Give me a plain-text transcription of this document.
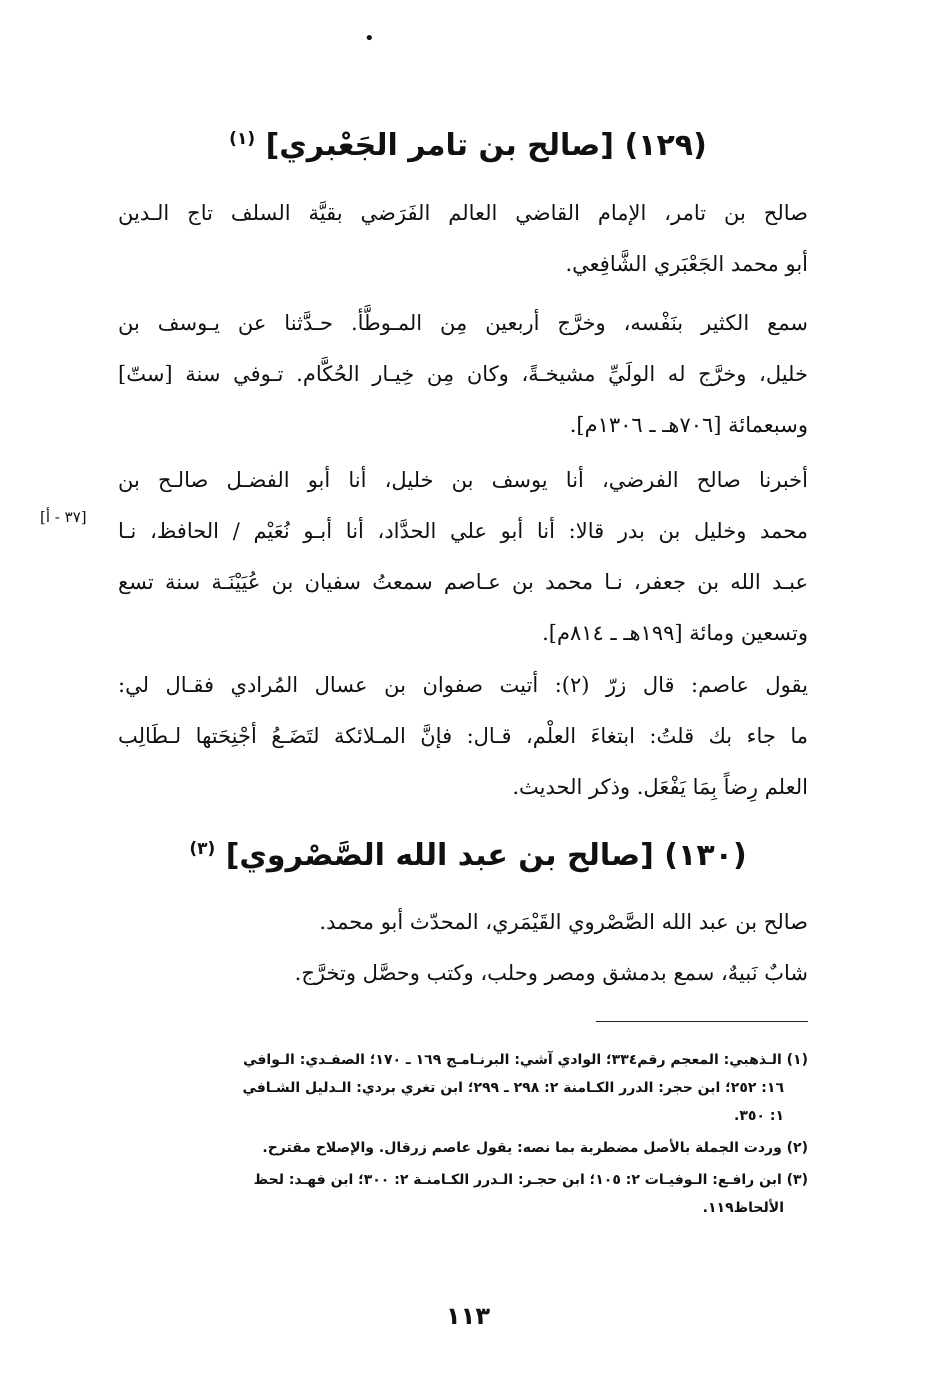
•
(١٢٩) [صالح بن تامر الجَعْبري] $^{(١)}$
صالح بن تامر، الإمام القاضي العالم الفَرَضي بقيَّة السلف تاج الـدين
أبو محمد الجَعْبَري الشَّافِعي.
سمع الكثير بنَفْسه، وخرَّج أربعين مِن المـوطَّأ. حـدَّثنا عن يـوسف بن
خليل، وخرَّج له الولَيِّ مشيخـةً، وكان مِن خِيـار الحُكَّام. تـوفي سنة [ستّ]
وسبعمائة [٧٠٦هـ ـ ١٣٠٦م].
أخبرنا صالح الفرضي، أنا يوسف بن خليل، أنا أبو الفضـل صالـح بن
محمد وخليل بن بدر قالا: أنا أبو علي الحدَّاد، أنا أبـو نُعَيْم / الحافظ، نـا
عبـد الله بن جعفر، نـا محمد بن عـاصم سمعتُ سفيان بن عُيَيْنَـة سنة تسع
وتسعين ومائة [١٩٩هـ ـ ٨١٤م].
[٣٧ - أ]
يقول عاصم: قال زرّ (٢): أتيت صفوان بن عسال المُرادي فقـال لي:
ما جاء بك قلتُ: ابتغاءَ العلْم، قـال: فإنَّ المـلائكة لتَضَـعُ أجْنِحَتها لـطَالِب
العلم رِضاً بِمَا يَفْعَل. وذكر الحديث.
(١٣٠) [صالح بن عبد الله الصَّصْروي] $^{(٣)}$
صالح بن عبد الله الصَّصْروي القَيْمَري، المحدّث أبو محمد.
شابٌ نَبيهٌ، سمع بدمشق ومصر وحلب، وكتب وحصَّل وتخرَّج.
(١) الـذهبي: المعجم رقم٣٣٤؛ الوادي آشي: البرنـامـج ١٦٩ ـ ١٧٠؛ الصفـدي: الـوافي
١٦: ٢٥٢؛ ابن حجر: الدرر الكـامنة ٢: ٢٩٨ ـ ٢٩٩؛ ابن تغري بردي: الـدليل الشـافي
١: ٣٥٠.
(٢) وردت الجملة بالأصل مضطربة بما نصه: يقول عاصم زرقال. والإصلاح مقترح.
(٣) ابن رافـع: الـوفيـات ٢: ١٠٥؛ ابن حجـر: الـدرر الكـامنـة ٢: ٣٠٠؛ ابن فهـد: لحظ
الألحاظ١١٩.
١١٣
